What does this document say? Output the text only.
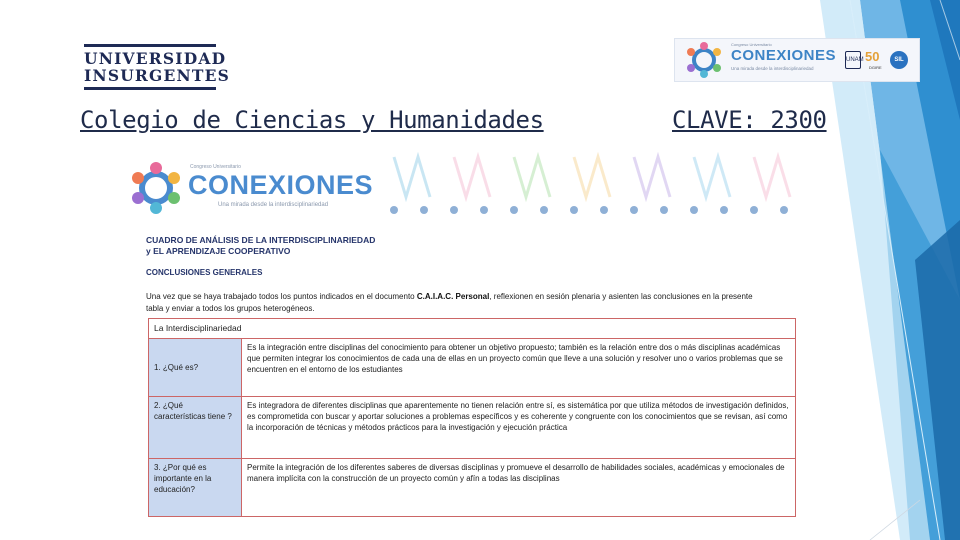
UNIVERSIDAD
INSURGENTES
Congreso Universitario
CONEXIONES
Una mirada desde la interdisciplinariedad
UNAM 50
DGIRE
SIL
Colegio de Ciencias y Humanidades	CLAVE: 2300
Congreso Universitario
CONEXIONES
Una mirada desde la interdisciplinariedad
CUADRO DE ANÁLISIS DE LA INTERDISCIPLINARIEDAD
y EL APRENDIZAJE COOPERATIVO
CONCLUSIONES GENERALES
Una vez que se haya trabajado todos los puntos indicados en el documento C.A.I.A.C. Personal, reflexionen en sesión plenaria y asienten las conclusiones en la presente tabla y enviar a todos los grupos heterogéneos.
La Interdisciplinariedad	
1. ¿Qué es?	Es la integración entre disciplinas del conocimiento para obtener un objetivo propuesto; también es la relación entre dos o más disciplinas académicas que permiten integrar los conocimientos de cada una de ellas en un proyecto común que lleve a una solución y resolver uno o varios problemas que se encuentren en el entorno de los estudiantes
2. ¿Qué características tiene ?	Es integradora de diferentes disciplinas que aparentemente no tienen relación entre sí, es sistemática por que utiliza métodos de investigación definidos, es comprometida con buscar y aportar soluciones a problemas específicos y es coherente y congruente con los conocimientos que se revisan, así como la incorporación de técnicas y métodos prácticos para la investigación y ejecución práctica
3. ¿Por qué es importante en la educación?	Permite la integración de los diferentes saberes de diversas disciplinas y promueve el desarrollo de habilidades sociales, académicas y emocionales de manera implícita con la construcción de un proyecto común y afín a todas las disciplinas
